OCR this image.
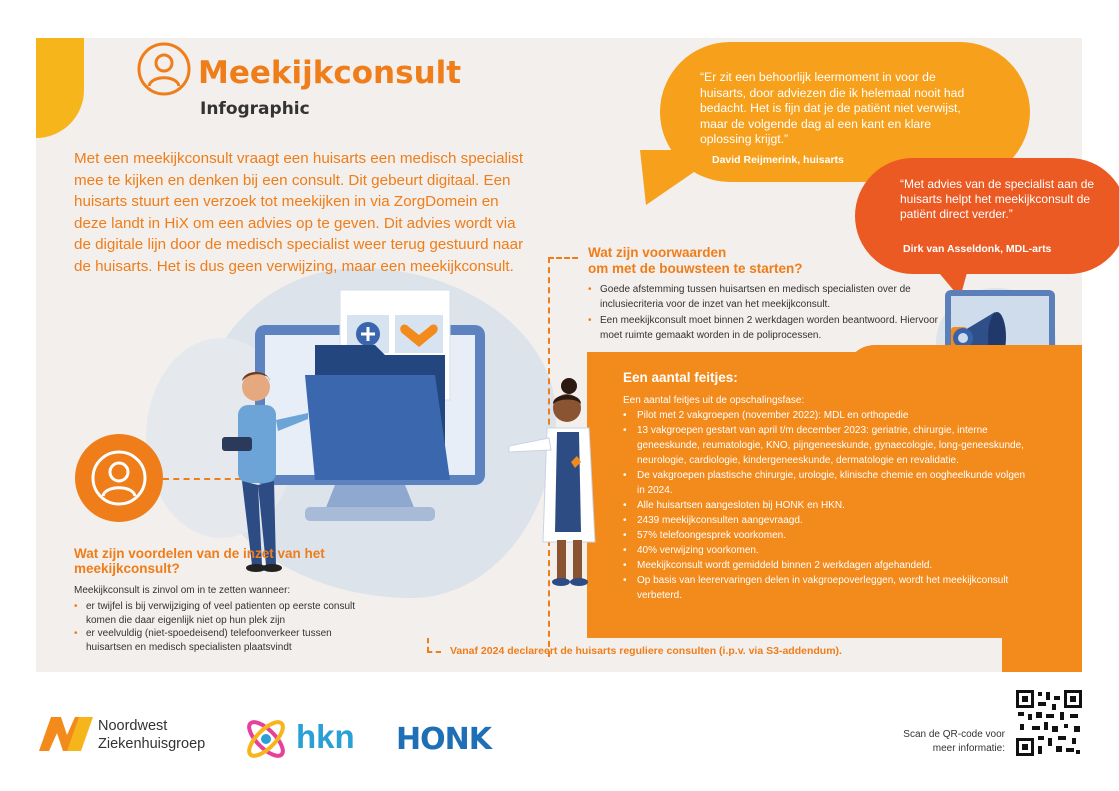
Meekijkconsult
Infographic
Met een meekijkconsult vraagt een huisarts een medisch specialist mee te kijken en denken bij een consult. Dit gebeurt digitaal. Een huisarts stuurt een verzoek tot meekijken in via ZorgDomein en deze landt in HiX om een advies op te geven. Dit advies wordt via de digitale lijn door de medisch specialist weer terug gestuurd naar de huisarts. Het is dus geen verwijzing, maar een meekijkconsult.
“Er zit een behoorlijk leermoment in voor de huisarts, door adviezen die ik helemaal nooit had bedacht. Het is fijn dat je de patiënt niet verwijst, maar de volgende dag al een kant en klare oplossing krijgt.”
David Reijmerink, huisarts
“Met advies van de specialist aan de huisarts helpt het meekijkconsult de patiënt direct verder.”
Dirk van Asseldonk, MDL-arts
Wat zijn voorwaarden
om met de bouwsteen te starten?
• Goede afstemming tussen huisartsen en medisch specialisten over de inclusiecriteria voor de inzet van het meekijkconsult.
• Een meekijkconsult moet binnen 2 werkdagen worden beantwoord. Hiervoor moet ruimte gemaakt worden in de poliprocessen.
Een aantal feitjes:
Een aantal feitjes uit de opschalingsfase:
• Pilot met 2 vakgroepen (november 2022): MDL en orthopedie
• 13 vakgroepen gestart van april t/m december 2023: geriatrie, chirurgie, interne geneeskunde, reumatologie, KNO, pijngeneeskunde, gynaecologie, long-geneeskunde, neurologie, cardiologie, kindergeneeskunde, dermatologie en revalidatie.
• De vakgroepen plastische chirurgie, urologie, klinische chemie en oogheelkunde volgen in 2024.
• Alle huisartsen aangesloten bij HONK en HKN.
• 2439 meekijkconsulten aangevraagd.
• 57% telefoongesprek voorkomen.
• 40% verwijzing voorkomen.
• Meekijkconsult wordt gemiddeld binnen 2 werkdagen afgehandeld.
• Op basis van leerervaringen delen in vakgroepoverleggen, wordt het meekijkconsult verbeterd.
Wat zijn voordelen van de inzet van het meekijkconsult?
Meekijkconsult is zinvol om in te zetten wanneer:
• er twijfel is bij verwijziging of veel patienten op eerste consult komen die daar eigenlijk niet op hun plek zijn
• er veelvuldig (niet-spoedeisend) telefoonverkeer tussen huisartsen en medisch specialisten plaatsvindt	Vanaf 2024 declareert de huisarts reguliere consulten (i.p.v. via S3-addendum).
Noordwest
Ziekenhuisgroep	hkn HONK	Scan de QR-code voor meer informatie:
